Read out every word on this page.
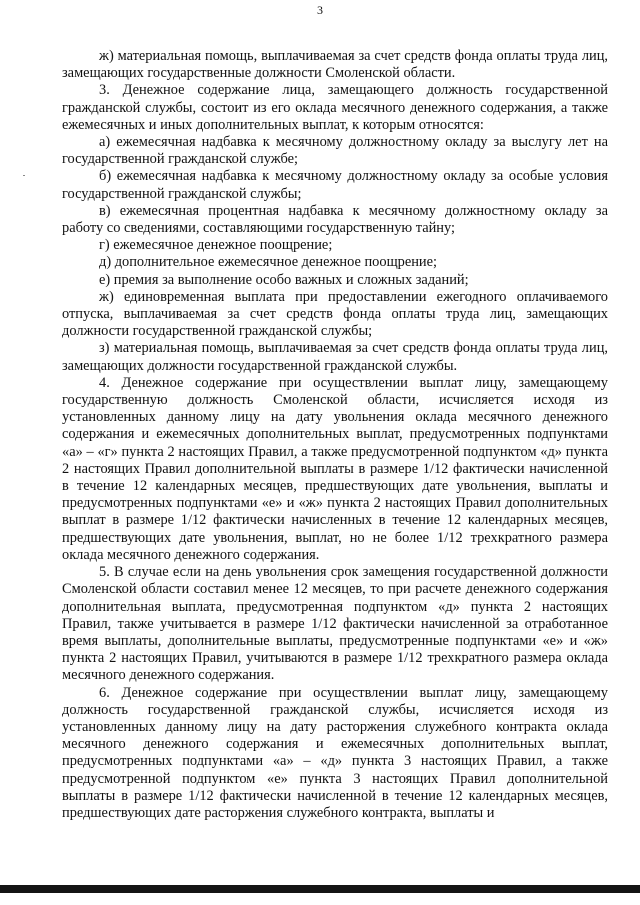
3

ж) материальная помощь, выплачиваемая за счет средств фонда оплаты труда лиц, замещающих государственные должности Смоленской области.

3. Денежное содержание лица, замещающего должность государственной гражданской службы, состоит из его оклада месячного денежного содержания, а также ежемесячных и иных дополнительных выплат, к которым относятся:

а) ежемесячная надбавка к месячному должностному окладу за выслугу лет на государственной гражданской службе;

б) ежемесячная надбавка к месячному должностному окладу за особые условия государственной гражданской службы;

в) ежемесячная процентная надбавка к месячному должностному окладу за работу со сведениями, составляющими государственную тайну;

г) ежемесячное денежное поощрение;

д) дополнительное ежемесячное денежное поощрение;

е) премия за выполнение особо важных и сложных заданий;

ж) единовременная выплата при предоставлении ежегодного оплачиваемого отпуска, выплачиваемая за счет средств фонда оплаты труда лиц, замещающих должности государственной гражданской службы;

з) материальная помощь, выплачиваемая за счет средств фонда оплаты труда лиц, замещающих должности государственной гражданской службы.

4. Денежное содержание при осуществлении выплат лицу, замещающему государственную должность Смоленской области, исчисляется исходя из установленных данному лицу на дату увольнения оклада месячного денежного содержания и ежемесячных дополнительных выплат, предусмотренных подпунктами «а» – «г» пункта 2 настоящих Правил, а также предусмотренной подпунктом «д» пункта 2 настоящих Правил дополнительной выплаты в размере 1/12 фактически начисленной в течение 12 календарных месяцев, предшествующих дате увольнения, выплаты и предусмотренных подпунктами «е» и «ж» пункта 2 настоящих Правил дополнительных выплат в размере 1/12 фактически начисленных в течение 12 календарных месяцев, предшествующих дате увольнения, выплат, но не более 1/12 трехкратного размера оклада месячного денежного содержания.

5. В случае если на день увольнения срок замещения государственной должности Смоленской области составил менее 12 месяцев, то при расчете денежного содержания дополнительная выплата, предусмотренная подпунктом «д» пункта 2 настоящих Правил, также учитывается в размере 1/12 фактически начисленной за отработанное время выплаты, дополнительные выплаты, предусмотренные подпунктами «е» и «ж» пункта 2 настоящих Правил, учитываются в размере 1/12 трехкратного размера оклада месячного денежного содержания.

6. Денежное содержание при осуществлении выплат лицу, замещающему должность государственной гражданской службы, исчисляется исходя из установленных данному лицу на дату расторжения служебного контракта оклада месячного денежного содержания и ежемесячных дополнительных выплат, предусмотренных подпунктами «а» – «д» пункта 3 настоящих Правил, а также предусмотренной подпунктом «е» пункта 3 настоящих Правил дополнительной выплаты в размере 1/12 фактически начисленной в течение 12 календарных месяцев, предшествующих дате расторжения служебного контракта, выплаты и
